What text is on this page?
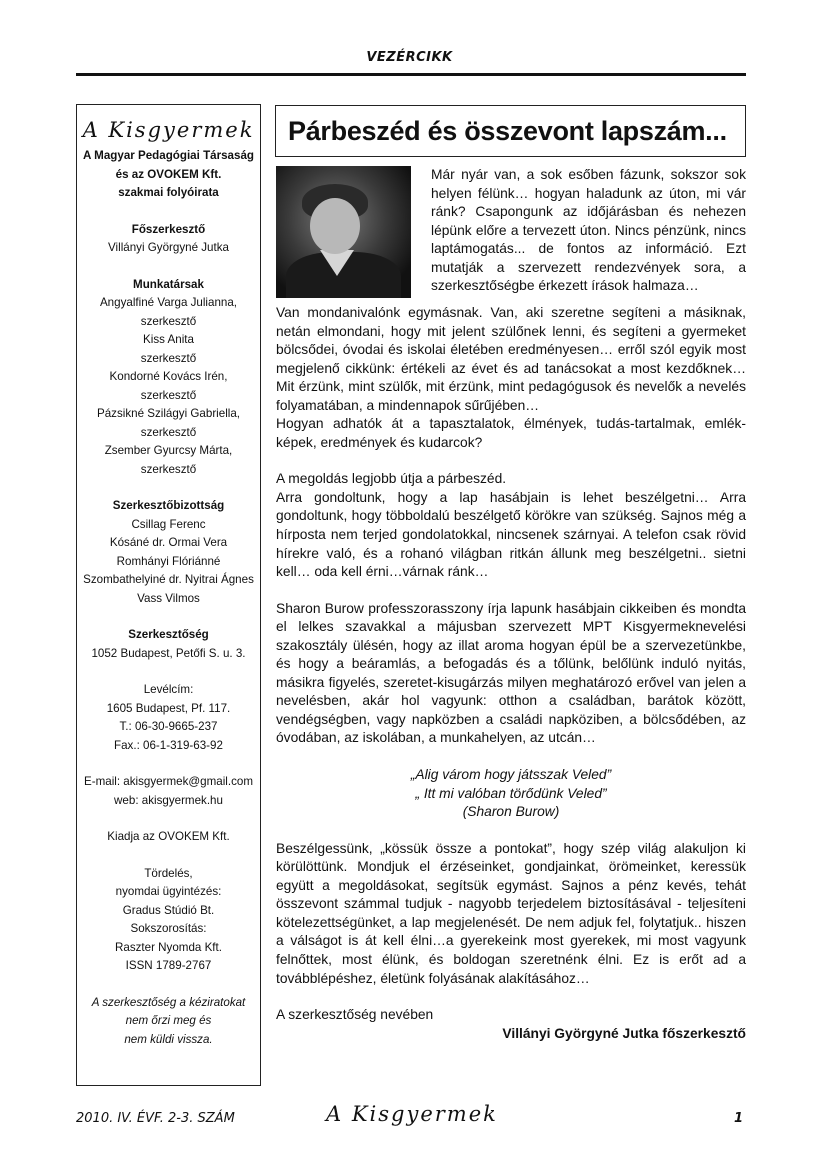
VEZÉRCIKK
A Kisgyermek
A Magyar Pedagógiai Társaság
és az OVOKEM Kft.
szakmai folyóirata
Főszerkesztő
Villányi Györgyné Jutka
Munkatársak
Angyalfiné Varga Julianna,
szerkesztő
Kiss Anita
szerkesztő
Kondorné Kovács Irén,
szerkesztő
Pázsikné Szilágyi Gabriella,
szerkesztő
Zsember Gyurcsy Márta,
szerkesztő
Szerkesztőbizottság
Csillag Ferenc
Kósáné dr. Ormai Vera
Romhányi Flóriánné
Szombathelyiné dr. Nyitrai Ágnes
Vass Vilmos
Szerkesztőség
1052 Budapest, Petőfi S. u. 3.
Levélcím:
1605 Budapest, Pf. 117.
T.: 06-30-9665-237
Fax.: 06-1-319-63-92
E-mail: akisgyermek@gmail.com
web: akisgyermek.hu
Kiadja az OVOKEM Kft.
Tördelés,
nyomdai ügyintézés:
Gradus Stúdió Bt.
Sokszorosítás:
Raszter Nyomda Kft.
ISSN 1789-2767
A szerkesztőség a kéziratokat
nem őrzi meg és
nem küldi vissza.
Párbeszéd és összevont lapszám...
Már nyár van, a sok esőben fázunk, sokszor sok helyen félünk… hogyan haladunk az úton, mi vár ránk? Csapongunk az időjárásban és nehezen lépünk előre a tervezett úton. Nincs pénzünk, nincs laptámogatás... de fontos az információ. Ezt mutatják a szervezett rendezvények sora, a szerkesztőségbe érkezett írások halmaza…

Van mondanivalónk egymásnak. Van, aki szeretne segíteni a másiknak, netán elmondani, hogy mit jelent szülőnek lenni, és segíteni a gyermeket bölcsődei, óvodai és iskolai életében eredményesen… erről szól egyik most megjelenő cikkünk: értékeli az évet és ad tanácsokat a most kezdőknek… Mit érzünk, mint szülők, mit érzünk, mint pedagógusok és nevelők a nevelés folyamatában, a mindennapok sűrűjében…

Hogyan adhatók át a tapasztalatok, élmények, tudás-tartalmak, emlék-képek, eredmények és kudarcok?

A megoldás legjobb útja a párbeszéd.

Arra gondoltunk, hogy a lap hasábjain is lehet beszélgetni… Arra gondoltunk, hogy többoldalú beszélgető körökre van szükség. Sajnos még a hírposta nem terjed gondolatokkal, nincsenek szárnyai. A telefon csak rövid hírekre való, és a rohanó világban ritkán állunk meg beszélgetni.. sietni kell… oda kell érni…várnak ránk…

Sharon Burow professzorasszony írja lapunk hasábjain cikkeiben és mondta el lelkes szavakkal a májusban szervezett MPT Kisgyermeknevelési szakosztály ülésén, hogy az illat aroma hogyan épül be a szervezetünkbe, és hogy a beáramlás, a befogadás és a tőlünk, belőlünk induló nyitás, másikra figyelés, szeretet-kisugárzás milyen meghatározó erővel van jelen a nevelésben, akár hol vagyunk: otthon a családban, barátok között, vendégségben, vagy napközben a családi napköziben, a bölcsődében, az óvodában, az iskolában, a munkahelyen, az utcán…

„Alig várom hogy játsszak Veled”

„ Itt mi valóban törődünk Veled”

(Sharon Burow)

Beszélgessünk, „kössük össze a pontokat”, hogy szép világ alakuljon ki körülöttünk. Mondjuk el érzéseinket, gondjainkat, örömeinket, keressük együtt a megoldásokat, segítsük egymást. Sajnos a pénz kevés, tehát összevont számmal tudjuk - nagyobb terjedelem biztosításával - teljesíteni kötelezettségünket, a lap megjelenését. De nem adjuk fel, folytatjuk.. hiszen a válságot is át kell élni…a gyerekeink most gyerekek, mi most vagyunk felnőttek, most élünk, és boldogan szeretnénk élni. Ez is erőt ad a továbblépéshez, életünk folyásának alakításához…

A szerkesztőség nevében

Villányi Györgyné Jutka főszerkesztő

2010. IV. ÉVF. 2-3. SZÁM	A Kisgyermek	1
